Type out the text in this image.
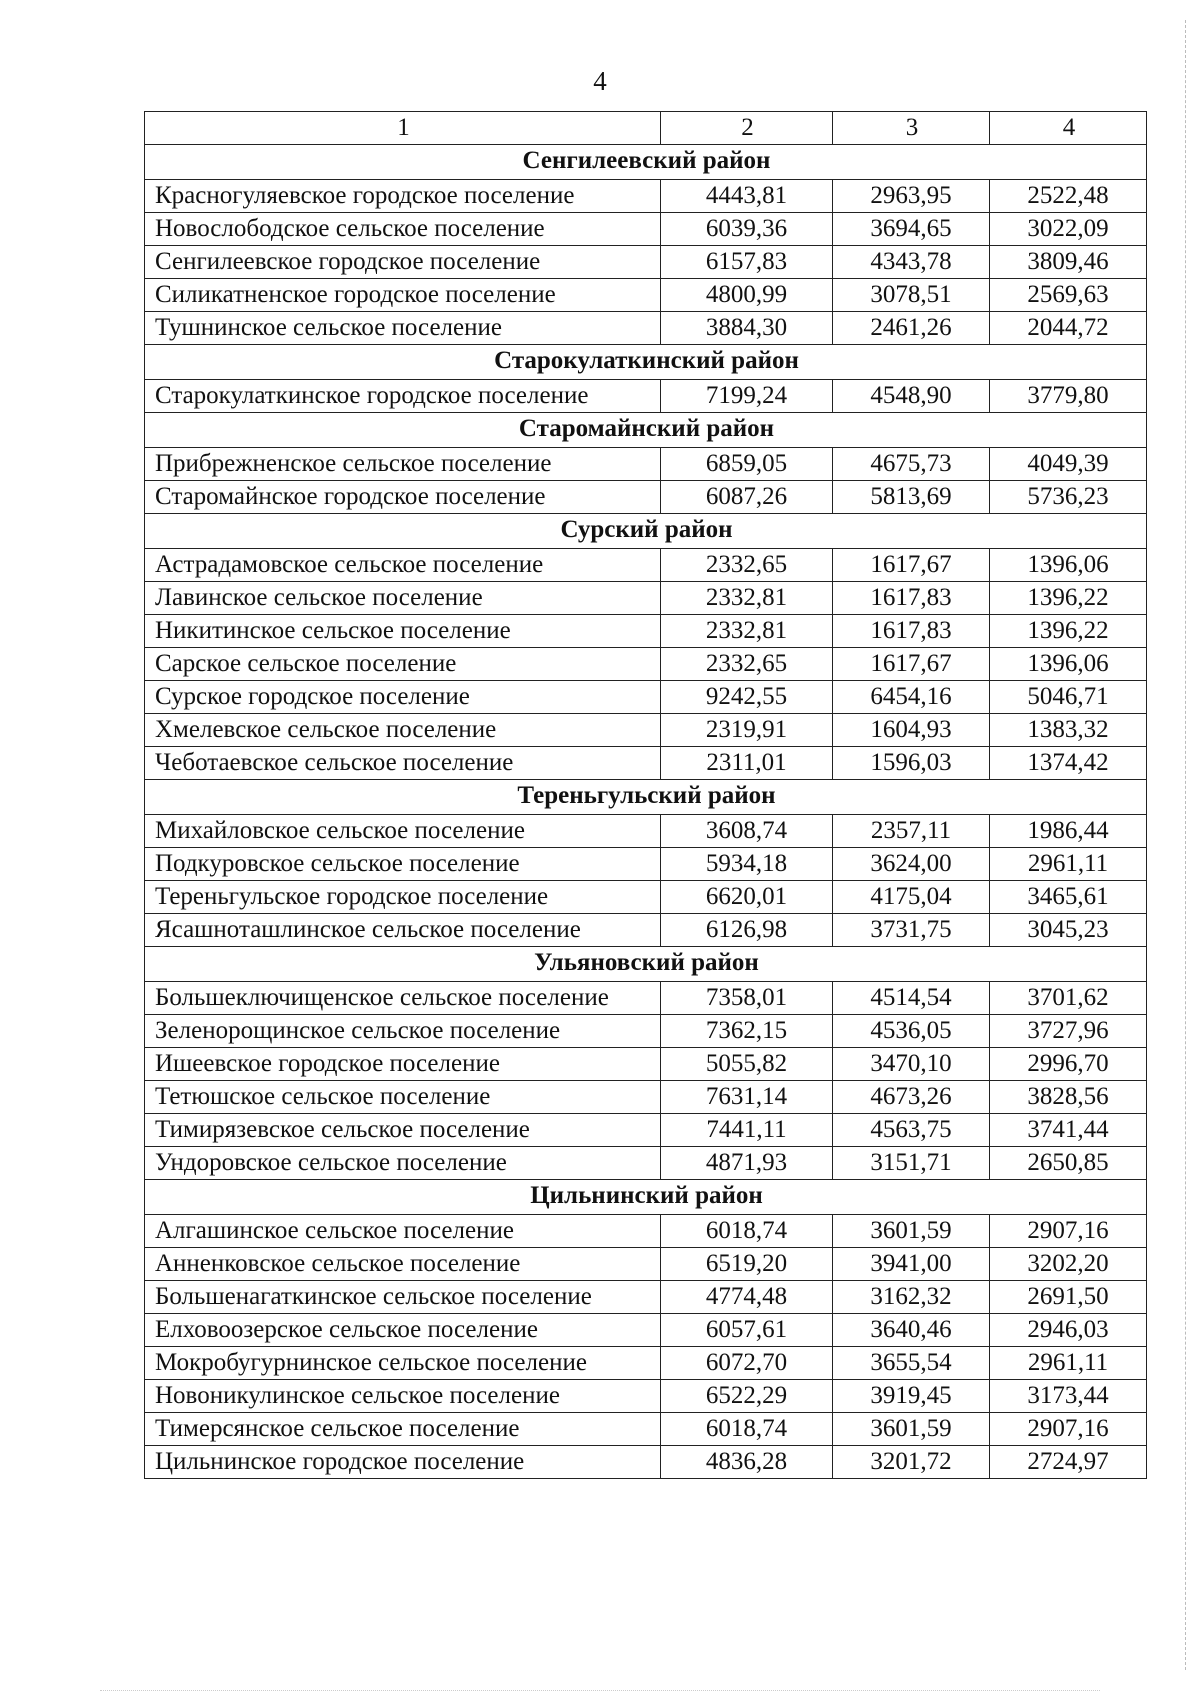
4
1	2	3	4
Сенгилеевский район			
Красногуляевское городское поселение	4443,81	2963,95	2522,48
Новослободское сельское поселение	6039,36	3694,65	3022,09
Сенгилеевское городское поселение	6157,83	4343,78	3809,46
Силикатненское городское поселение	4800,99	3078,51	2569,63
Тушнинское сельское поселение	3884,30	2461,26	2044,72
Старокулаткинский район			
Старокулаткинское городское поселение	7199,24	4548,90	3779,80
Старомайнский район			
Прибрежненское сельское поселение	6859,05	4675,73	4049,39
Старомайнское городское поселение	6087,26	5813,69	5736,23
Сурский район			
Астрадамовское сельское поселение	2332,65	1617,67	1396,06
Лавинское сельское поселение	2332,81	1617,83	1396,22
Никитинское сельское поселение	2332,81	1617,83	1396,22
Сарское сельское поселение	2332,65	1617,67	1396,06
Сурское городское поселение	9242,55	6454,16	5046,71
Хмелевское сельское поселение	2319,91	1604,93	1383,32
Чеботаевское сельское поселение	2311,01	1596,03	1374,42
Тереньгульский район			
Михайловское сельское поселение	3608,74	2357,11	1986,44
Подкуровское сельское поселение	5934,18	3624,00	2961,11
Тереньгульское городское поселение	6620,01	4175,04	3465,61
Ясашноташлинское сельское поселение	6126,98	3731,75	3045,23
Ульяновский район			
Большеключищенское сельское поселение	7358,01	4514,54	3701,62
Зеленорощинское сельское поселение	7362,15	4536,05	3727,96
Ишеевское городское поселение	5055,82	3470,10	2996,70
Тетюшское сельское поселение	7631,14	4673,26	3828,56
Тимирязевское сельское поселение	7441,11	4563,75	3741,44
Ундоровское сельское поселение	4871,93	3151,71	2650,85
Цильнинский район			
Алгашинское сельское поселение	6018,74	3601,59	2907,16
Анненковское сельское поселение	6519,20	3941,00	3202,20
Большенагаткинское сельское поселение	4774,48	3162,32	2691,50
Елховоозерское сельское поселение	6057,61	3640,46	2946,03
Мокробугурнинское сельское поселение	6072,70	3655,54	2961,11
Новоникулинское сельское поселение	6522,29	3919,45	3173,44
Тимерсянское сельское поселение	6018,74	3601,59	2907,16
Цильнинское городское поселение	4836,28	3201,72	2724,97
